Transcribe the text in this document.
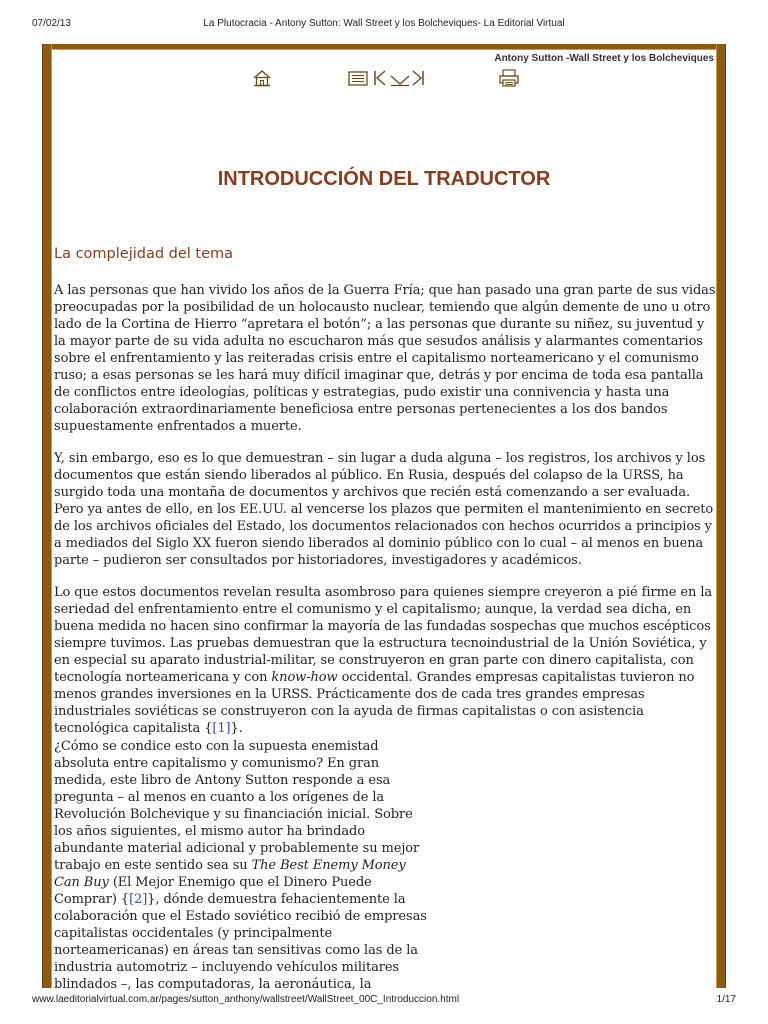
07/02/13	La Plutocracia - Antony Sutton: Wall Street y los Bolcheviques- La Editorial Virtual
Antony Sutton -Wall Street y los Bolcheviques
INTRODUCCIÓN DEL TRADUCTOR
La complejidad del tema

A las personas que han vivido los años de la Guerra Fría; que han pasado una gran parte de sus vidas preocupadas por la posibilidad de un holocausto nuclear, temiendo que algún demente de uno u otro lado de la Cortina de Hierro “apretara el botón”; a las personas que durante su niñez, su juventud y la mayor parte de su vida adulta no escucharon más que sesudos análisis y alarmantes comentarios sobre el enfrentamiento y las reiteradas crisis entre el capitalismo norteamericano y el comunismo ruso; a esas personas se les hará muy difícil imaginar que, detrás y por encima de toda esa pantalla de conflictos entre ideologías, políticas y estrategias, pudo existir una connivencia y hasta una colaboración extraordinariamente beneficiosa entre personas pertenecientes a los dos bandos supuestamente enfrentados a muerte.

Y, sin embargo, eso es lo que demuestran – sin lugar a duda alguna – los registros, los archivos y los documentos que están siendo liberados al público. En Rusia, después del colapso de la URSS, ha surgido toda una montaña de documentos y archivos que recién está comenzando a ser evaluada. Pero ya antes de ello, en los EE.UU. al vencerse los plazos que permiten el mantenimiento en secreto de los archivos oficiales del Estado, los documentos relacionados con hechos ocurridos a principios y a mediados del Siglo XX fueron siendo liberados al dominio público con lo cual – al menos en buena parte – pudieron ser consultados por historiadores, investigadores y académicos.

Lo que estos documentos revelan resulta asombroso para quienes siempre creyeron a pié firme en la seriedad del enfrentamiento entre el comunismo y el capitalismo; aunque, la verdad sea dicha, en buena medida no hacen sino confirmar la mayoría de las fundadas sospechas que muchos escépticos siempre tuvimos. Las pruebas demuestran que la estructura tecnoindustrial de la Unión Soviética, y en especial su aparato industrial-militar, se construyeron en gran parte con dinero capitalista, con tecnología norteamericana y con know-how occidental. Grandes empresas capitalistas tuvieron no menos grandes inversiones en la URSS. Prácticamente dos de cada tres grandes empresas industriales soviéticas se construyeron con la ayuda de firmas capitalistas o con asistencia tecnológica capitalista {[1]}.

¿Cómo se condice esto con la supuesta enemistad absoluta entre capitalismo y comunismo? En gran medida, este libro de Antony Sutton responde a esa pregunta – al menos en cuanto a los orígenes de la Revolución Bolchevique y su financiación inicial. Sobre los años siguientes, el mismo autor ha brindado abundante material adicional y probablemente su mejor trabajo en este sentido sea su The Best Enemy Money Can Buy (El Mejor Enemigo que el Dinero Puede Comprar) {[2]}, dónde demuestra fehacientemente la colaboración que el Estado soviético recibió de empresas capitalistas occidentales (y principalmente norteamericanas) en áreas tan sensitivas como las de la industria automotriz – incluyendo vehículos militares blindados –, las computadoras, la aeronáutica, la

www.laeditorialvirtual.com.ar/pages/sutton_anthony/wallstreet/WallStreet_00C_Introduccion.html	1/17
